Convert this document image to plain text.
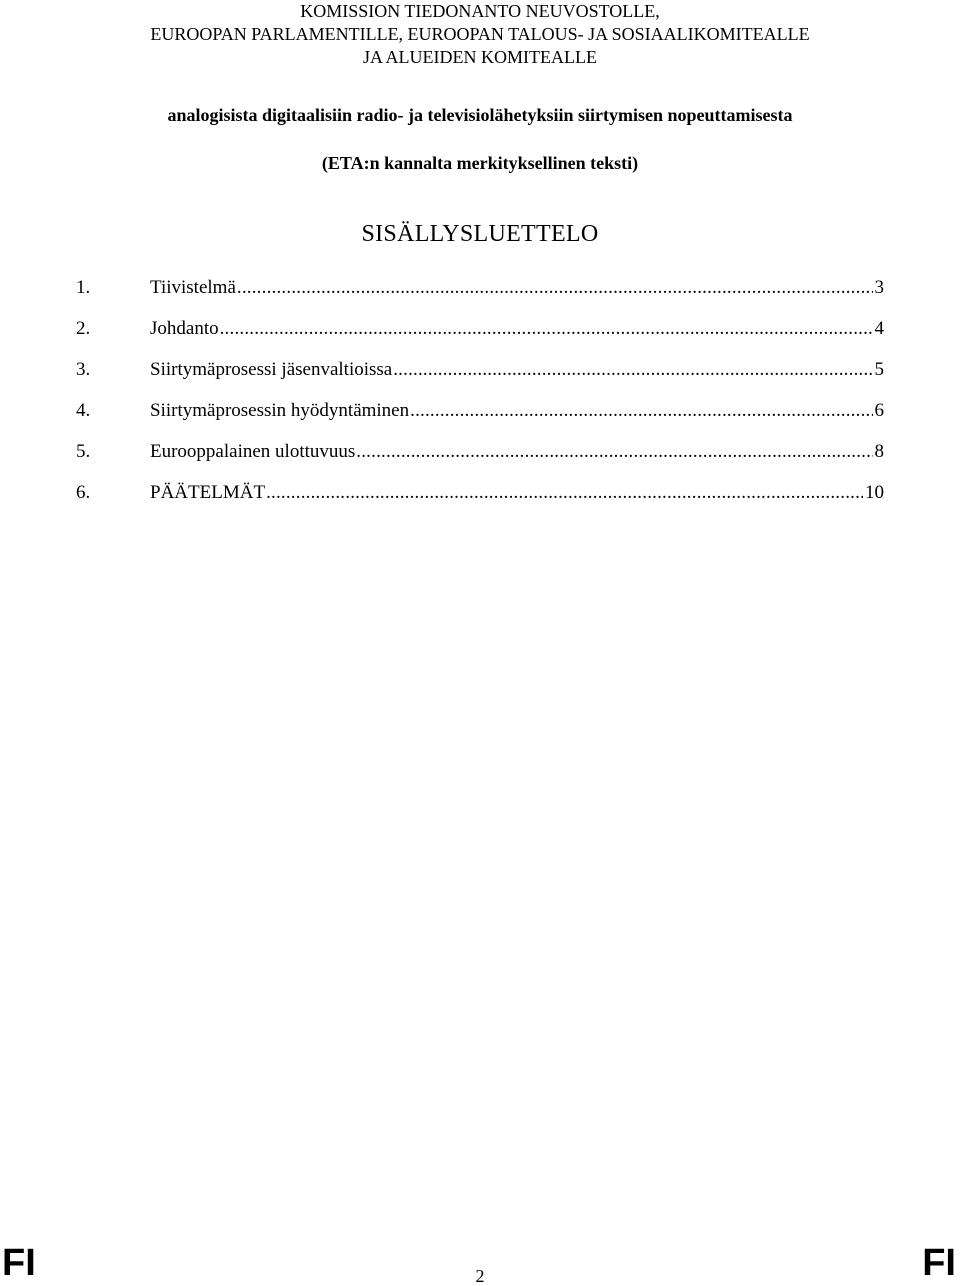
KOMISSION TIEDONANTO NEUVOSTOLLE,
EUROOPAN PARLAMENTILLE, EUROOPAN TALOUS- JA SOSIAALIKOMITEALLE
JA ALUEIDEN KOMITEALLE
analogisista digitaalisiin radio- ja televisiolähetyksiin siirtymisen nopeuttamisesta
(ETA:n kannalta merkityksellinen teksti)
SISÄLLYSLUETTELO
1.	Tiivistelmä .....	3
2.	Johdanto .....	4
3.	Siirtymäprosessi jäsenvaltioissa .....	5
4.	Siirtymäprosessin hyödyntäminen .....	6
5.	Eurooppalainen ulottuvuus .....	8
6.	PÄÄTELMÄT .....	10
FI	2	FI
